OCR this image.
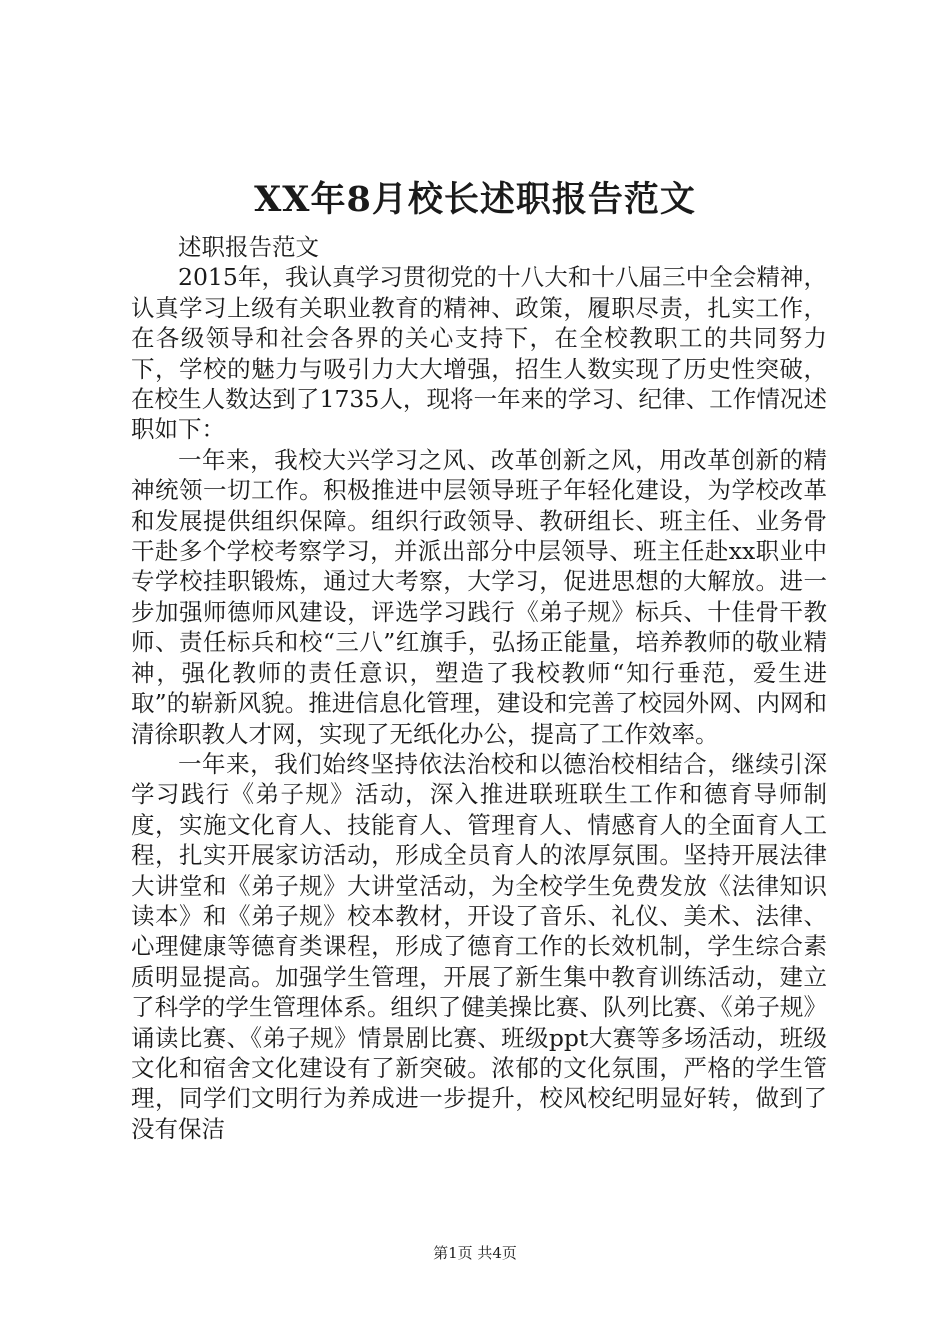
XX年8月校长述职报告范文

述职报告范文

2015年，我认真学习贯彻党的十八大和十八届三中全会精神，认真学习上级有关职业教育的精神、政策，履职尽责，扎实工作，在各级领导和社会各界的关心支持下，在全校教职工的共同努力下，学校的魅力与吸引力大大增强，招生人数实现了历史性突破，在校生人数达到了1735人，现将一年来的学习、纪律、工作情况述职如下：

一年来，我校大兴学习之风、改革创新之风，用改革创新的精神统领一切工作。积极推进中层领导班子年轻化建设，为学校改革和发展提供组织保障。组织行政领导、教研组长、班主任、业务骨干赴多个学校考察学习，并派出部分中层领导、班主任赴xx职业中专学校挂职锻炼，通过大考察，大学习，促进思想的大解放。进一步加强师德师风建设，评选学习践行《弟子规》标兵、十佳骨干教师、责任标兵和校“三八”红旗手，弘扬正能量，培养教师的敬业精神，强化教师的责任意识，塑造了我校教师“知行垂范，爱生进取”的崭新风貌。推进信息化管理，建设和完善了校园外网、内网和清徐职教人才网，实现了无纸化办公，提高了工作效率。

一年来，我们始终坚持依法治校和以德治校相结合，继续引深学习践行《弟子规》活动，深入推进联班联生工作和德育导师制度，实施文化育人、技能育人、管理育人、情感育人的全面育人工程，扎实开展家访活动，形成全员育人的浓厚氛围。坚持开展法律大讲堂和《弟子规》大讲堂活动，为全校学生免费发放《法律知识读本》和《弟子规》校本教材，开设了音乐、礼仪、美术、法律、心理健康等德育类课程，形成了德育工作的长效机制，学生综合素质明显提高。加强学生管理，开展了新生集中教育训练活动，建立了科学的学生管理体系。组织了健美操比赛、队列比赛、《弟子规》诵读比赛、《弟子规》情景剧比赛、班级ppt大赛等多场活动，班级文化和宿舍文化建设有了新突破。浓郁的文化氛围，严格的学生管理，同学们文明行为养成进一步提升，校风校纪明显好转，做到了没有保洁

第1页 共4页
